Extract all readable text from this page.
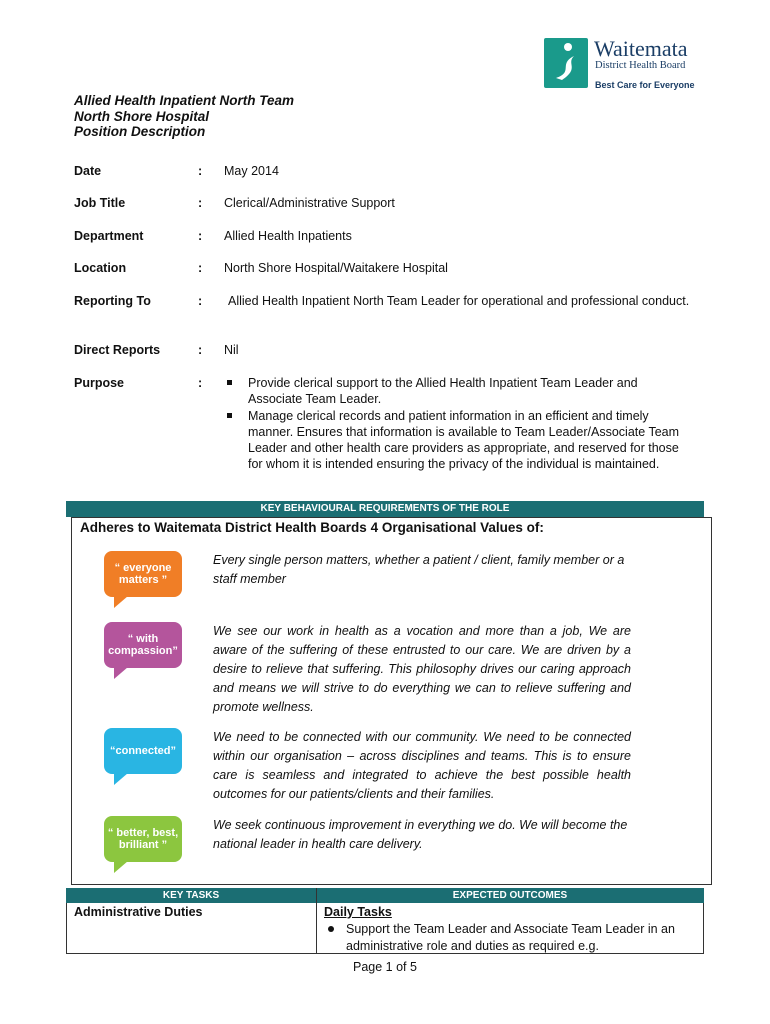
Waitemata
District Health Board
Best Care for Everyone
Allied Health Inpatient North Team
North Shore Hospital
Position Description
Date	: May 2014
Job Title	: Clerical/Administrative Support
Department	: Allied Health Inpatients
Location	: North Shore Hospital/Waitakere Hospital
Reporting To	: Allied Health Inpatient North Team Leader for operational and professional conduct.
Direct Reports	: Nil
Purpose	:	Provide clerical support to the Allied Health Inpatient Team Leader and Associate Team Leader.
Manage clerical records and patient information in an efficient and timely manner. Ensures that information is available to Team Leader/Associate Team Leader and other health care providers as appropriate, and reserved for those for whom it is intended ensuring the privacy of the individual is maintained.
KEY BEHAVIOURAL REQUIREMENTS OF THE ROLE
Adheres to Waitemata District Health Boards 4 Organisational Values of:
“ everyone
matters ”
Every single person matters, whether a patient / client, family member or a staff member
“ with
compassion”
We see our work in health as a vocation and more than a job, We are aware of the suffering of these entrusted to our care. We are driven by a desire to relieve that suffering. This philosophy drives our caring approach and means we will strive to do everything we can to relieve suffering and promote wellness.
“connected”
We need to be connected with our community. We need to be connected within our organisation – across disciplines and teams. This is to ensure care is seamless and integrated to achieve the best possible health outcomes for our patients/clients and their families.
“ better, best,
brilliant ”
We seek continuous improvement in everything we do. We will become the national leader in health care delivery.
KEY TASKS	EXPECTED OUTCOMES
Administrative Duties	Daily Tasks
Support the Team Leader and Associate Team Leader in an administrative role and duties as required e.g.
Page 1 of 5
